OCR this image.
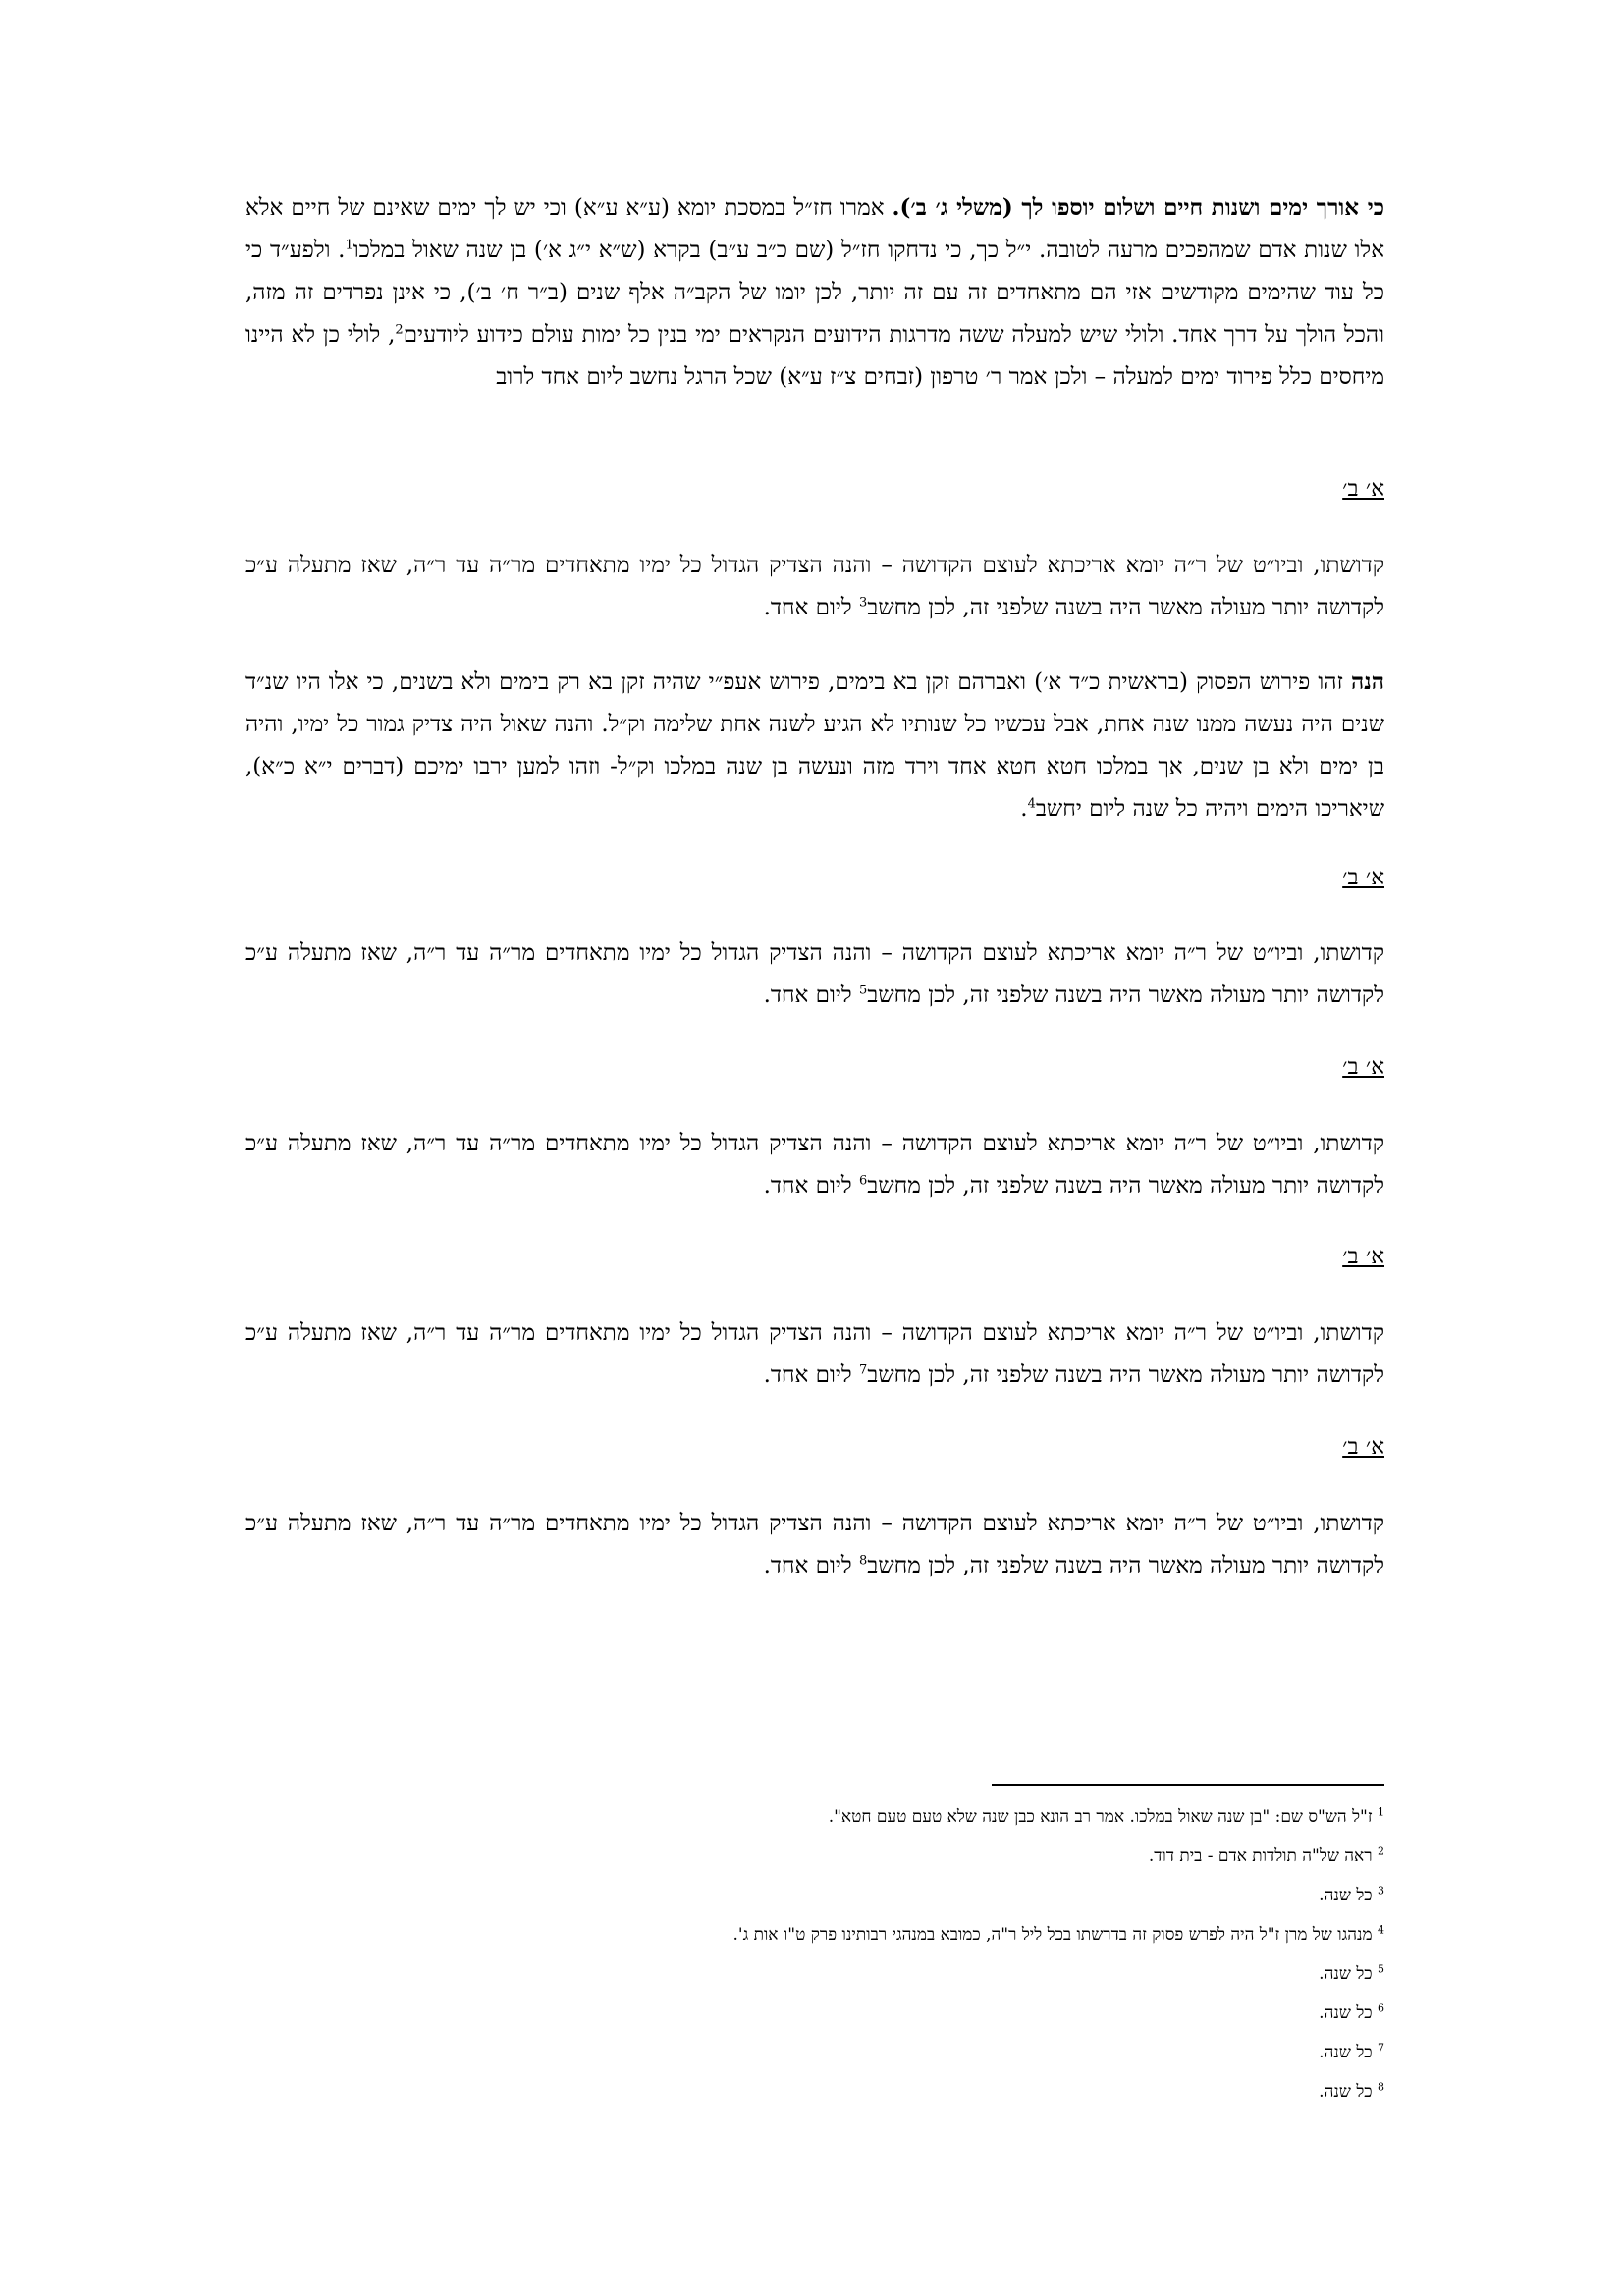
כי אורך ימים ושנות חיים ושלום יוספו לך (משלי ג׳ ב׳). אמרו חז״ל במסכת יומא (ע״א ע״א) וכי יש לך ימים שאינם של חיים אלא אלו שנות אדם שמהפכים מרעה לטובה. י״ל כך, כי נדחקו חז״ל (שם כ״ב ע״ב) בקרא (ש״א י״ג א׳) בן שנה שאול במלכו$^1$. ולפע״ד כי כל עוד שהימים מקודשים אזי הם מתאחדים זה עם זה יותר, לכן יומו של הקב״ה אלף שנים (ב״ר ח׳ ב׳), כי אינן נפרדים זה מזה, והכל הולך על דרך אחד. ולולי שיש למעלה ששה מדרגות הידועים הנקראים ימי בנין כל ימות עולם כידוע ליודעים$^2$, לולי כן לא היינו מיחסים כלל פירוד ימים למעלה – ולכן אמר ר׳ טרפון (זבחים צ״ז ע״א) שכל הרגל נחשב ליום אחד לרוב

א׳ ב׳

קדושתו, וביו״ט של ר״ה יומא אריכתא לעוצם הקדושה – והנה הצדיק הגדול כל ימיו מתאחדים מר״ה עד ר״ה, שאז מתעלה ע״כ לקדושה יותר מעולה מאשר היה בשנה שלפני זה, לכן מחשב$^3$ ליום אחד.

הנה זהו פירוש הפסוק (בראשית כ״ד א׳) ואברהם זקן בא בימים, פירוש אעפ״י שהיה זקן בא רק בימים ולא בשנים, כי אלו היו שנ״ד שנים היה נעשה ממנו שנה אחת, אבל עכשיו כל שנותיו לא הגיע לשנה אחת שלימה וק״ל. והנה שאול היה צדיק גמור כל ימיו, והיה בן ימים ולא בן שנים, אך במלכו חטא חטא אחד וירד מזה ונעשה בן שנה במלכו וק״ל- וזהו למען ירבו ימיכם (דברים י״א כ״א), שיאריכו הימים ויהיה כל שנה ליום יחשב$^4$.

א׳ ב׳

קדושתו, וביו״ט של ר״ה יומא אריכתא לעוצם הקדושה – והנה הצדיק הגדול כל ימיו מתאחדים מר״ה עד ר״ה, שאז מתעלה ע״כ לקדושה יותר מעולה מאשר היה בשנה שלפני זה, לכן מחשב$^5$ ליום אחד.

א׳ ב׳

קדושתו, וביו״ט של ר״ה יומא אריכתא לעוצם הקדושה – והנה הצדיק הגדול כל ימיו מתאחדים מר״ה עד ר״ה, שאז מתעלה ע״כ לקדושה יותר מעולה מאשר היה בשנה שלפני זה, לכן מחשב$^6$ ליום אחד.

א׳ ב׳

קדושתו, וביו״ט של ר״ה יומא אריכתא לעוצם הקדושה – והנה הצדיק הגדול כל ימיו מתאחדים מר״ה עד ר״ה, שאז מתעלה ע״כ לקדושה יותר מעולה מאשר היה בשנה שלפני זה, לכן מחשב$^7$ ליום אחד.

א׳ ב׳

קדושתו, וביו״ט של ר״ה יומא אריכתא לעוצם הקדושה – והנה הצדיק הגדול כל ימיו מתאחדים מר״ה עד ר״ה, שאז מתעלה ע״כ לקדושה יותר מעולה מאשר היה בשנה שלפני זה, לכן מחשב$^8$ ליום אחד.

$^1$ ז"ל הש"ס שם: "בן שנה שאול במלכו. אמר רב הונא כבן שנה שלא טעם טעם חטא".
$^2$ ראה של"ה תולדות אדם - בית דוד.
$^3$ כל שנה.
$^4$ מנהגו של מרן ז"ל היה לפרש פסוק זה בדרשתו בכל ליל ר"ה, כמובא במנהגי רבותינו פרק ט"ו אות ג'.
$^5$ כל שנה.
$^6$ כל שנה.
$^7$ כל שנה.
$^8$ כל שנה.
